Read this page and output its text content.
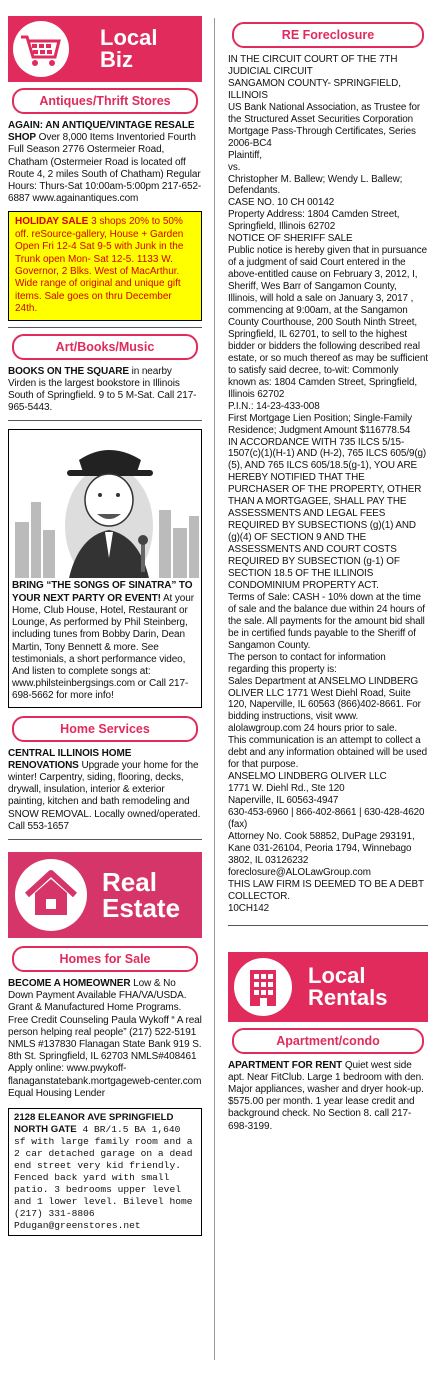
Local
Biz
Antiques/Thrift Stores
AGAIN: AN ANTIQUE/VINTAGE RESALE SHOP Over 8,000 Items Inventoried Fourth Full Season 2776 Ostermeier Road, Chatham (Ostermeier Road is located off Route 4, 2 miles South of Chatham) Regular Hours: Thurs-Sat 10:00am-5:00pm 217-652-6887 www.againantiques.com
HOLIDAY SALE 3 shops 20% to 50% off. reSource-gallery, House + Garden Open Fri 12-4 Sat 9-5 with Junk in the Trunk open Mon- Sat 12-5. 1133 W. Governor, 2 Blks. West of MacArthur. Wide range of original and unique gift items. Sale goes on thru December 24th.
Art/Books/Music
BOOKS ON THE SQUARE in nearby Virden is the largest bookstore in Illinois South of Springfield. 9 to 5 M-Sat. Call 217-965-5443.
BRING “THE SONGS OF SINATRA” TO YOUR NEXT PARTY OR EVENT! At your Home, Club House, Hotel, Restaurant or Lounge, As performed by Phil Steinberg, including tunes from Bobby Darin, Dean Martin, Tony Bennett & more. See testimonials, a short performance video, And listen to complete songs at: www.philsteinbergsings.com or Call 217-698-5662 for more info!
Home Services
CENTRAL ILLINOIS HOME RENOVATIONS Upgrade your home for the winter! Carpentry, siding, flooring, decks, drywall, insulation, interior & exterior painting, kitchen and bath remodeling and SNOW REMOVAL. Locally owned/operated. Call 553-1657
Real
Estate
Homes for Sale
BECOME A HOMEOWNER Low & No Down Payment Available FHA/VA/USDA. Grant & Manufactured Home Programs. Free Credit Counseling Paula Wykoff “ A real person helping real people” (217) 522-5191 NMLS #137830 Flanagan State Bank 919 S. 8th St. Springfield, IL 62703 NMLS#408461 Apply online: www.pwykoff-flanaganstatebank.mortgageweb-center.com Equal Housing Lender
2128 ELEANOR AVE SPRINGFIELD NORTH GATE 4 BR/1.5 BA 1,640 sf with large family room and a 2 car detached garage on a dead end street very kid friendly. Fenced back yard with small patio. 3 bedrooms upper level and 1 lower level. Bilevel home (217) 331-8806 Pdugan@greenstores.net
RE Foreclosure
IN THE CIRCUIT COURT OF THE 7TH JUDICIAL CIRCUIT
SANGAMON COUNTY- SPRINGFIELD, ILLINOIS
US Bank National Association, as Trustee for the Structured Asset Securities Corporation Mortgage Pass-Through Certificates, Series 2006-BC4
Plaintiff,
vs.
Christopher M. Ballew; Wendy L. Ballew; Defendants.
CASE NO. 10 CH 00142
Property Address: 1804 Camden Street, Springfield, Illinois 62702
NOTICE OF SHERIFF SALE
Public notice is hereby given that in pursuance of a judgment of said Court entered in the above-entitled cause on February 3, 2012, I, Sheriff, Wes Barr of Sangamon County, Illinois, will hold a sale on January 3, 2017 , commencing at 9:00am, at the Sangamon County Courthouse, 200 South Ninth Street, Springfield, IL 62701, to sell to the highest bidder or bidders the following described real estate, or so much thereof as may be sufficient to satisfy said decree, to-wit: Commonly known as: 1804 Camden Street, Springfield, Illinois 62702
P.I.N.: 14-23-433-008
First Mortgage Lien Position; Single-Family Residence; Judgment Amount $116778.54
IN ACCORDANCE WITH 735 ILCS 5/15-1507(c)(1)(H-1) AND (H-2), 765 ILCS 605/9(g)(5), AND 765 ILCS 605/18.5(g-1), YOU ARE HEREBY NOTIFIED THAT THE PURCHASER OF THE PROPERTY, OTHER THAN A MORTGAGEE, SHALL PAY THE ASSESSMENTS AND LEGAL FEES REQUIRED BY SUBSECTIONS (g)(1) AND (g)(4) OF SECTION 9 AND THE ASSESSMENTS AND COURT COSTS REQUIRED BY SUBSECTION (g-1) OF SECTION 18.5 OF THE ILLINOIS CONDOMINIUM PROPERTY ACT.
Terms of Sale: CASH - 10% down at the time of sale and the balance due within 24 hours of the sale. All payments for the amount bid shall be in certified funds payable to the Sheriff of Sangamon County.
The person to contact for information regarding this property is:
Sales Department at ANSELMO LINDBERG OLIVER LLC 1771 West Diehl Road, Suite 120, Naperville, IL 60563 (866)402-8661. For bidding instructions, visit www. alolawgroup.com 24 hours prior to sale.
This communication is an attempt to collect a debt and any information obtained will be used for that purpose.
ANSELMO LINDBERG OLIVER LLC
1771 W. Diehl Rd., Ste 120
Naperville, IL 60563-4947
630-453-6960 | 866-402-8661 | 630-428-4620 (fax)
Attorney No. Cook 58852, DuPage 293191, Kane 031-26104, Peoria 1794, Winnebago 3802, IL 03126232
foreclosure@ALOLawGroup.com
THIS LAW FIRM IS DEEMED TO BE A DEBT COLLECTOR.
10CH142
Local
Rentals
Apartment/condo
APARTMENT FOR RENT Quiet west side apt. Near FitClub. Large 1 bedroom with den. Major appliances, washer and dryer hook-up. $575.00 per month. 1 year lease credit and background check. No Section 8. call 217-698-3199.
